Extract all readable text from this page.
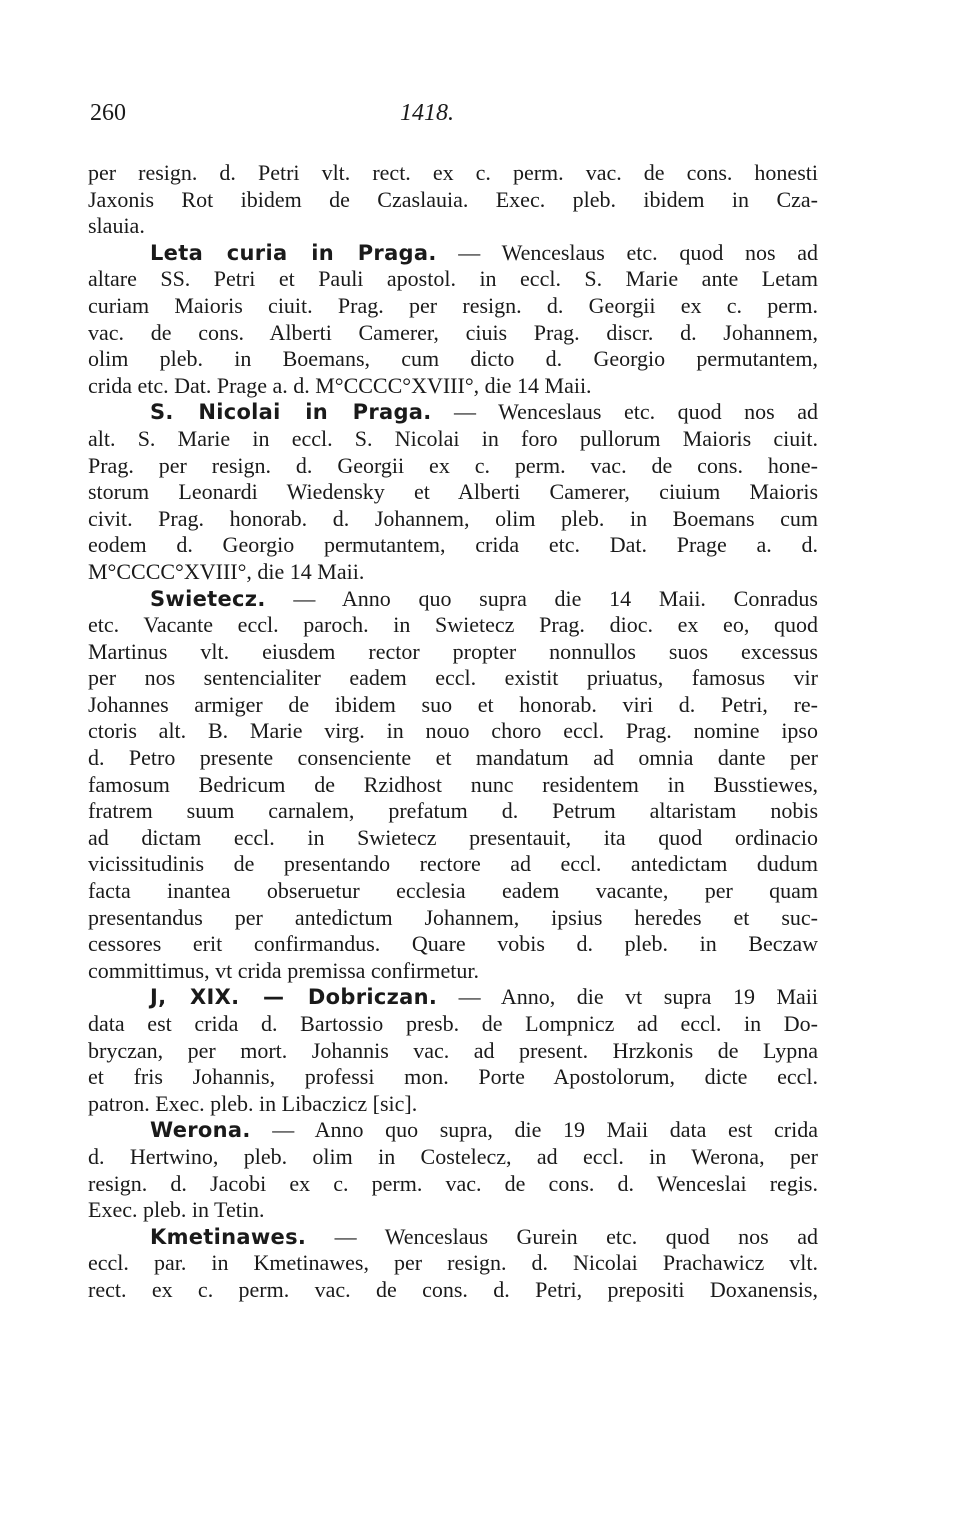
260	1418.
per resign. d. Petri vlt. rect. ex c. perm. vac. de cons. honesti
Jaxonis Rot ibidem de Czaslauia. Exec. pleb. ibidem in Cza-
slauia.
Leta curia in Praga. — Wenceslaus etc. quod nos ad
altare SS. Petri et Pauli apostol. in eccl. S. Marie ante Letam
curiam Maioris ciuit. Prag. per resign. d. Georgii ex c. perm.
vac. de cons. Alberti Camerer, ciuis Prag. discr. d. Johannem,
olim pleb. in Boemans, cum dicto d. Georgio permutantem,
crida etc. Dat. Prage a. d. M°CCCC°XVIII°, die 14 Maii.
S. Nicolai in Praga. — Wenceslaus etc. quod nos ad
alt. S. Marie in eccl. S. Nicolai in foro pullorum Maioris ciuit.
Prag. per resign. d. Georgii ex c. perm. vac. de cons. hone-
storum Leonardi Wiedensky et Alberti Camerer, ciuium Maioris
civit. Prag. honorab. d. Johannem, olim pleb. in Boemans cum
eodem d. Georgio permutantem, crida etc. Dat. Prage a. d.
M°CCCC°XVIII°, die 14 Maii.
Swietecz. — Anno quo supra die 14 Maii. Conradus
etc. Vacante eccl. paroch. in Swietecz Prag. dioc. ex eo, quod
Martinus vlt. eiusdem rector propter nonnullos suos excessus
per nos sentencialiter eadem eccl. existit priuatus, famosus vir
Johannes armiger de ibidem suo et honorab. viri d. Petri, re-
ctoris alt. B. Marie virg. in nouo choro eccl. Prag. nomine ipso
d. Petro presente consenciente et mandatum ad omnia dante per
famosum Bedricum de Rzidhost nunc residentem in Busstiewes,
fratrem suum carnalem, prefatum d. Petrum altaristam nobis
ad dictam eccl. in Swietecz presentauit, ita quod ordinacio
vicissitudinis de presentando rectore ad eccl. antedictam dudum
facta inantea obseruetur ecclesia eadem vacante, per quam
presentandus per antedictum Johannem, ipsius heredes et suc-
cessores erit confirmandus. Quare vobis d. pleb. in Beczaw
committimus, vt crida premissa confirmetur.
J, XIX. — Dobriczan. — Anno, die vt supra 19 Maii
data est crida d. Bartossio presb. de Lompnicz ad eccl. in Do-
bryczan, per mort. Johannis vac. ad present. Hrzkonis de Lypna
et fris Johannis, professi mon. Porte Apostolorum, dicte eccl.
patron. Exec. pleb. in Libaczicz [sic].
Werona. — Anno quo supra, die 19 Maii data est crida
d. Hertwino, pleb. olim in Costelecz, ad eccl. in Werona, per
resign. d. Jacobi ex c. perm. vac. de cons. d. Wenceslai regis.
Exec. pleb. in Tetin.
Kmetinawes. — Wenceslaus Gurein etc. quod nos ad
eccl. par. in Kmetinawes, per resign. d. Nicolai Prachawicz vlt.
rect. ex c. perm. vac. de cons. d. Petri, prepositi Doxanensis,
